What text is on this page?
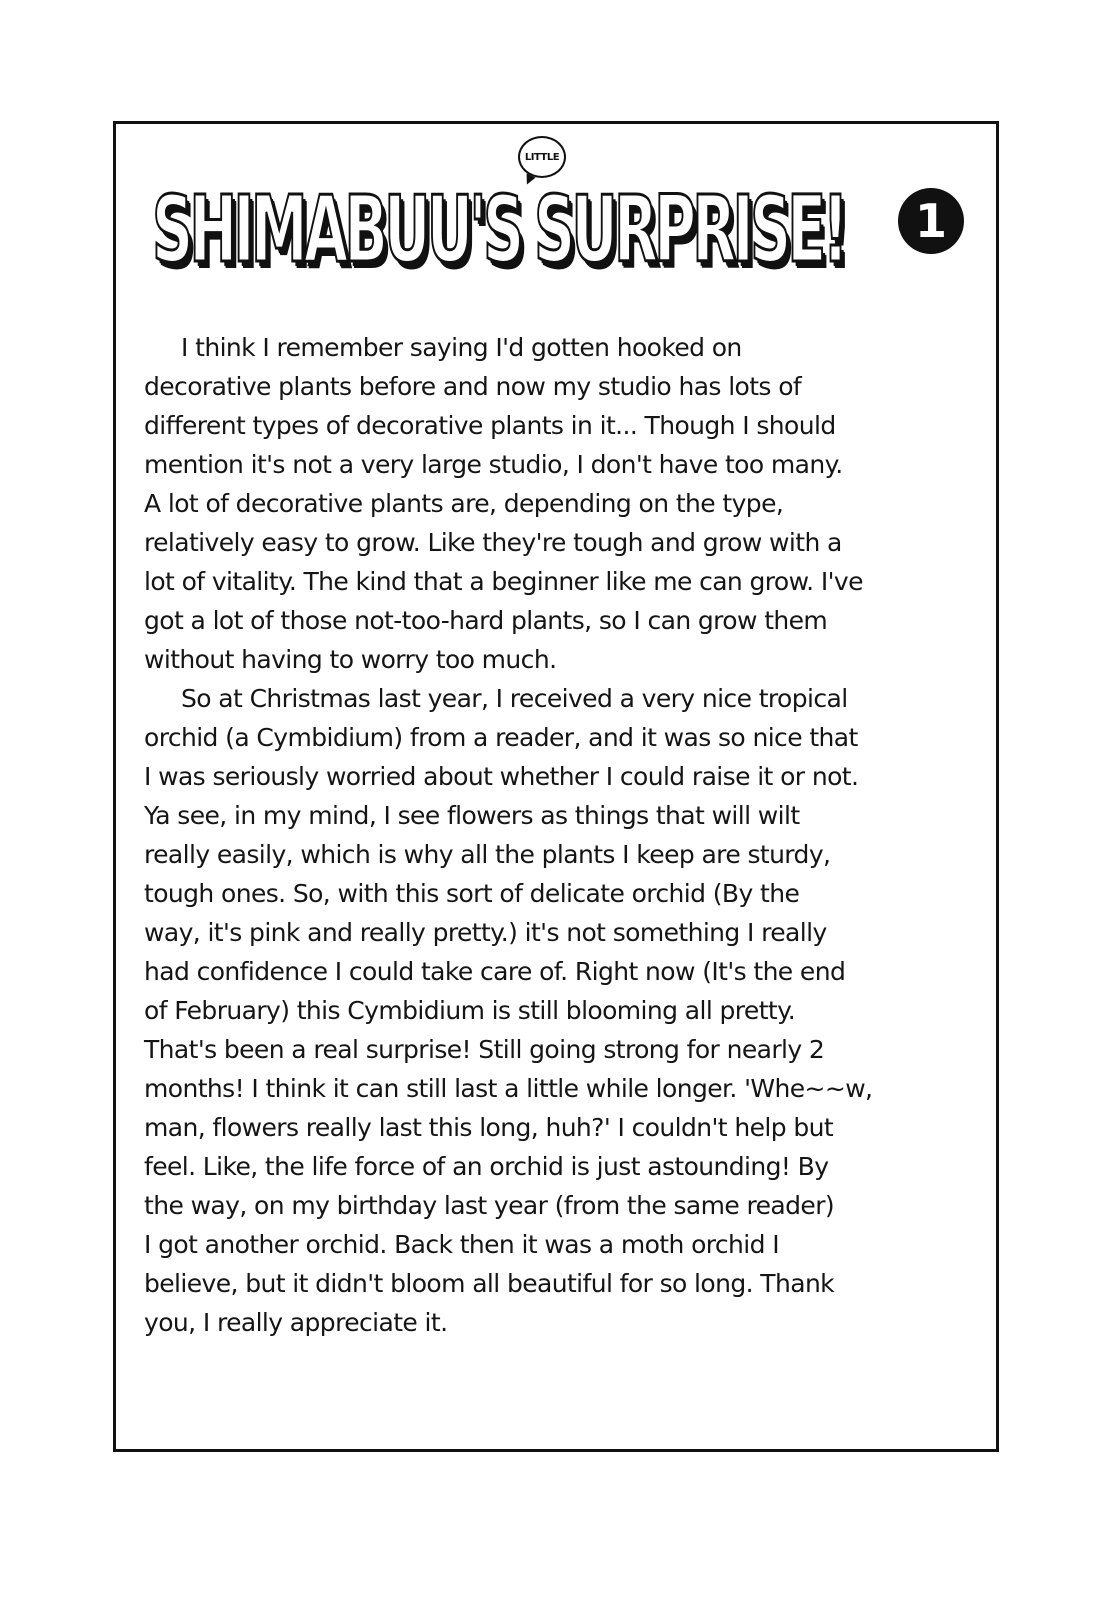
SHIMABUU'S
LITTLE
SURPRISE! 1
I think I remember saying I'd gotten hooked on
decorative plants before and now my studio has lots of
different types of decorative plants in it... Though I should
mention it's not a very large studio, I don't have too many.
A lot of decorative plants are, depending on the type,
relatively easy to grow. Like they're tough and grow with a
lot of vitality. The kind that a beginner like me can grow. I've
got a lot of those not-too-hard plants, so I can grow them
without having to worry too much.
So at Christmas last year, I received a very nice tropical
orchid (a Cymbidium) from a reader, and it was so nice that
I was seriously worried about whether I could raise it or not.
Ya see, in my mind, I see flowers as things that will wilt
really easily, which is why all the plants I keep are sturdy,
tough ones. So, with this sort of delicate orchid (By the
way, it's pink and really pretty.) it's not something I really
had confidence I could take care of. Right now (It's the end
of February) this Cymbidium is still blooming all pretty.
That's been a real surprise! Still going strong for nearly 2
months! I think it can still last a little while longer. 'Whe~~w,
man, flowers really last this long, huh?' I couldn't help but
feel. Like, the life force of an orchid is just astounding! By
the way, on my birthday last year (from the same reader)
I got another orchid. Back then it was a moth orchid I
believe, but it didn't bloom all beautiful for so long. Thank
you, I really appreciate it.
